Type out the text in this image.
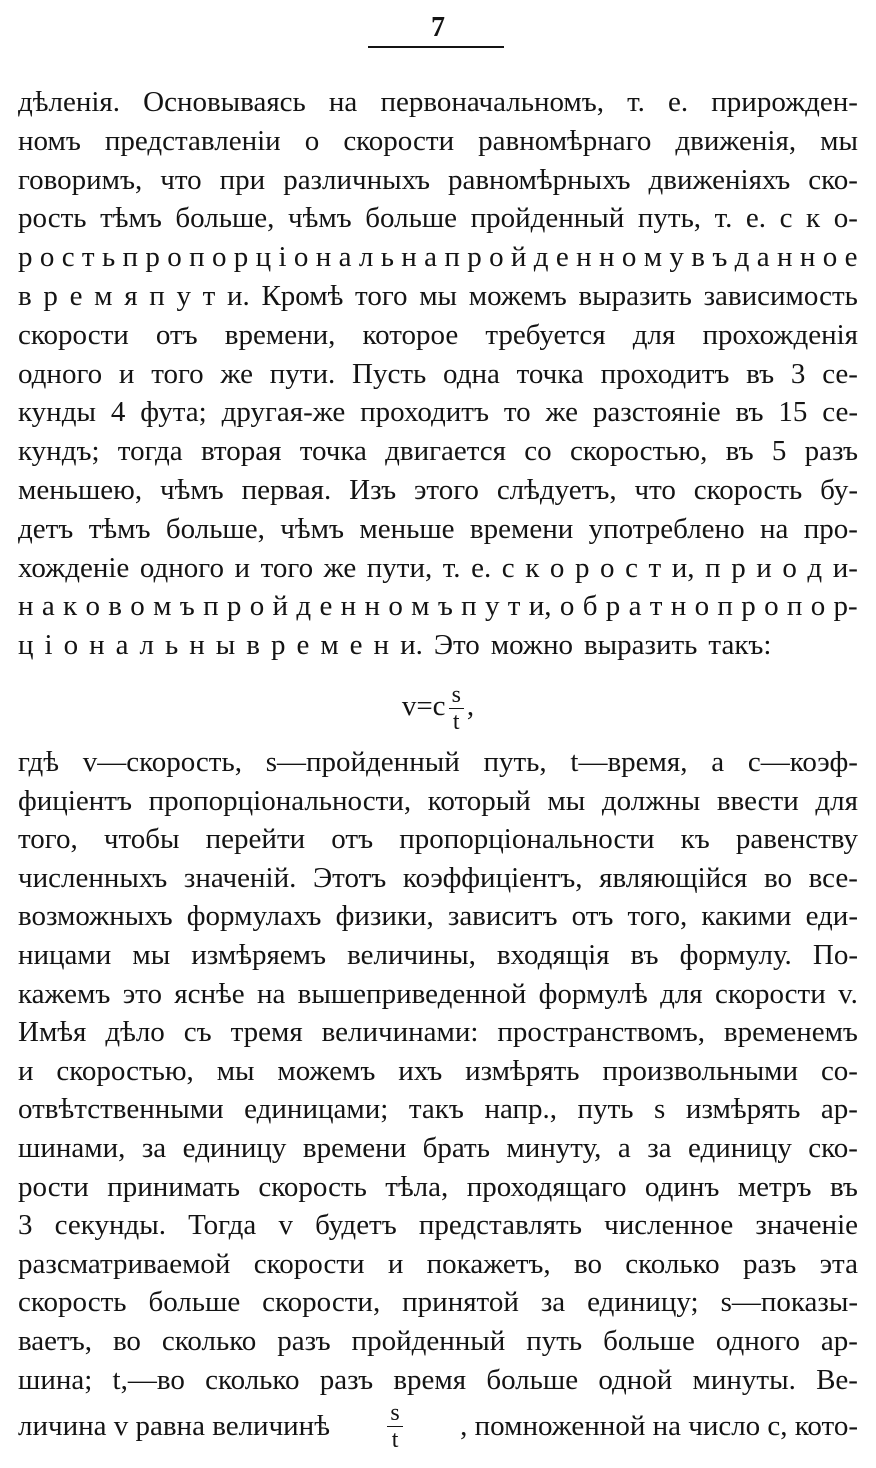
7
дѣленія. Основываясь на первоначальномъ, т. е. прирожден-
номъ представленіи о скорости равномѣрнаго движенія, мы
говоримъ, что при различныхъ равномѣрныхъ движеніяхъ ско-
рость тѣмъ больше, чѣмъ больше пройденный путь, т. е. с к о-
р о с т ь п р о п о р ц і о н а л ь н а п р о й д е н н о м у в ъ д а н н о е
в р е м я п у т и. Кромѣ того мы можемъ выразить зависимость
скорости отъ времени, которое требуется для прохожденія
одного и того же пути. Пусть одна точка проходитъ въ 3 се-
кунды 4 фута; другая-же проходитъ то же разстояніе въ 15 се-
кундъ; тогда вторая точка двигается со скоростью, въ 5 разъ
меньшею, чѣмъ первая. Изъ этого слѣдуетъ, что скорость бу-
детъ тѣмъ больше, чѣмъ меньше времени употреблено на про-
хожденіе одного и того же пути, т. е. с к о р о с т и, п р и о д и-
н а к о в о м ъ п р о й д е н н о м ъ п у т и, о б р а т н о п р о п о р-
ц і о н а л ь н ы в р е м е н и. Это можно выразить такъ:
$v=c \frac{s}{t}$ ,
гдѣ v—скорость, s—пройденный путь, t—время, а c—коэф-
фиціентъ пропорціональности, который мы должны ввести для
того, чтобы перейти отъ пропорціональности къ равенству
численныхъ значеній. Этотъ коэффиціентъ, являющійся во все-
возможныхъ формулахъ физики, зависитъ отъ того, какими еди-
ницами мы измѣряемъ величины, входящія въ формулу. По-
кажемъ это яснѣе на вышеприведенной формулѣ для скорости v.
Имѣя дѣло съ тремя величинами: пространствомъ, временемъ
и скоростью, мы можемъ ихъ измѣрять произвольными со-
отвѣтственными единицами; такъ напр., путь s измѣрять ар-
шинами, за единицу времени брать минуту, а за единицу ско-
рости принимать скорость тѣла, проходящаго одинъ метръ въ
3 секунды. Тогда v будетъ представлять численное значеніе
разсматриваемой скорости и покажетъ, во сколько разъ эта
скорость больше скорости, принятой за единицу; s—показы-
ваетъ, во сколько разъ пройденный путь больше одного ар-
шина; t,—во сколько разъ время больше одной минуты. Ве-
личина v равна величинѣ $\frac{s}{t}$ , помноженной на число c, кото-
